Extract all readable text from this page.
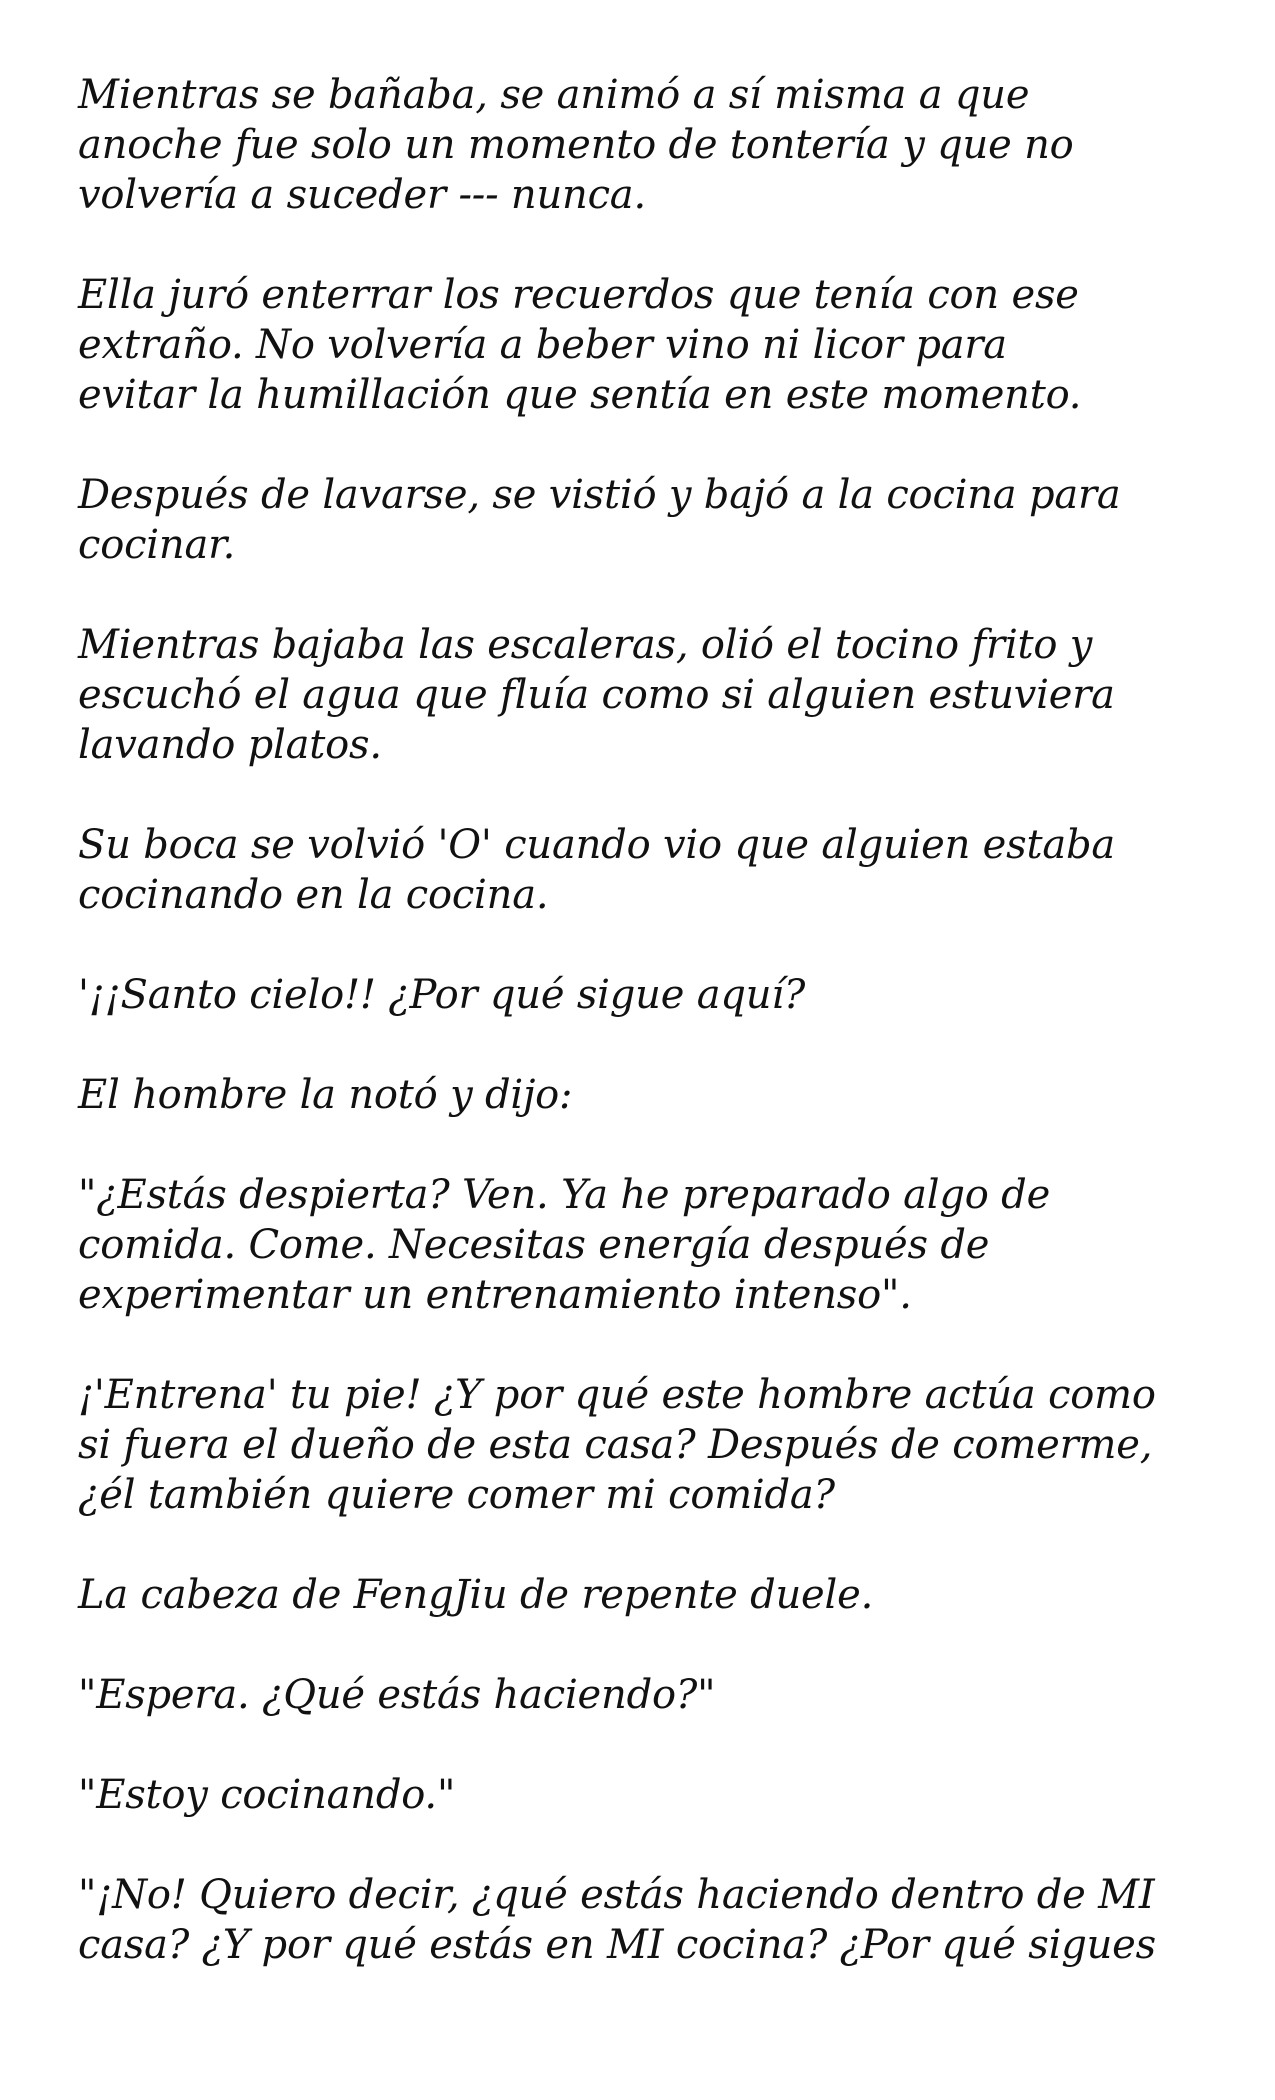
Mientras se bañaba, se animó a sí misma a que
anoche fue solo un momento de tontería y que no
volvería a suceder --- nunca.

Ella juró enterrar los recuerdos que tenía con ese
extraño. No volvería a beber vino ni licor para
evitar la humillación que sentía en este momento.

Después de lavarse, se vistió y bajó a la cocina para
cocinar.

Mientras bajaba las escaleras, olió el tocino frito y
escuchó el agua que fluía como si alguien estuviera
lavando platos.

Su boca se volvió 'O' cuando vio que alguien estaba
cocinando en la cocina.

'¡¡Santo cielo!! ¿Por qué sigue aquí?

El hombre la notó y dijo:

"¿Estás despierta? Ven. Ya he preparado algo de
comida. Come. Necesitas energía después de
experimentar un entrenamiento intenso".

¡'Entrena' tu pie! ¿Y por qué este hombre actúa como
si fuera el dueño de esta casa? Después de comerme,
¿él también quiere comer mi comida?

La cabeza de FengJiu de repente duele.

"Espera. ¿Qué estás haciendo?"

"Estoy cocinando."

"¡No! Quiero decir, ¿qué estás haciendo dentro de MI
casa? ¿Y por qué estás en MI cocina? ¿Por qué sigues
